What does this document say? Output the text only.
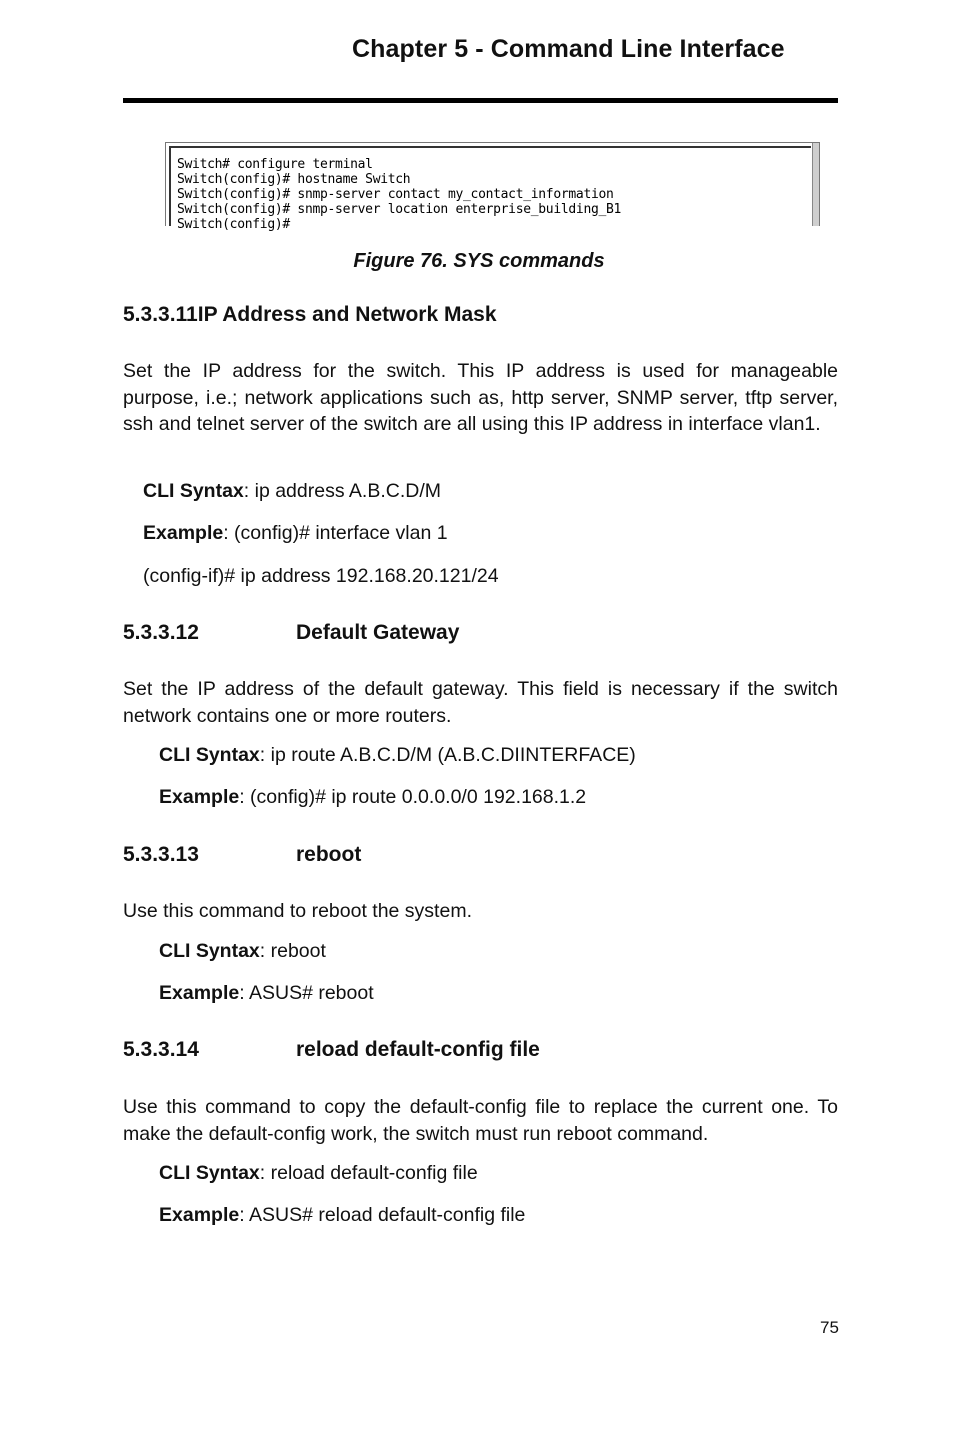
Chapter 5 - Command Line Interface
Switch# configure terminal
Switch(config)# hostname Switch
Switch(config)# snmp-server contact my_contact_information
Switch(config)# snmp-server location enterprise_building_B1
Switch(config)#
Figure 76. SYS commands
5.3.3.11IP Address and Network Mask
Set the IP address for the switch. This IP address is used for manageable purpose, i.e.; network applications such as, http server, SNMP server, tftp server, ssh and telnet server of the switch are all using this IP address in interface vlan1.
CLI Syntax: ip address A.B.C.D/M
Example: (config)# interface vlan 1
(config-if)# ip address 192.168.20.121/24
5.3.3.12	Default Gateway
Set the IP address of the default gateway. This field is necessary if the switch network contains one or more routers.
CLI Syntax: ip route A.B.C.D/M (A.B.C.DIINTERFACE)
Example: (config)# ip route 0.0.0.0/0 192.168.1.2
5.3.3.13	reboot
Use this command to reboot the system.
CLI Syntax: reboot
Example: ASUS# reboot
5.3.3.14	reload default-config file
Use this command to copy the default-config file to replace the current one. To make the default-config work, the switch must run reboot command.
CLI Syntax: reload default-config file
Example: ASUS# reload default-config file
75
